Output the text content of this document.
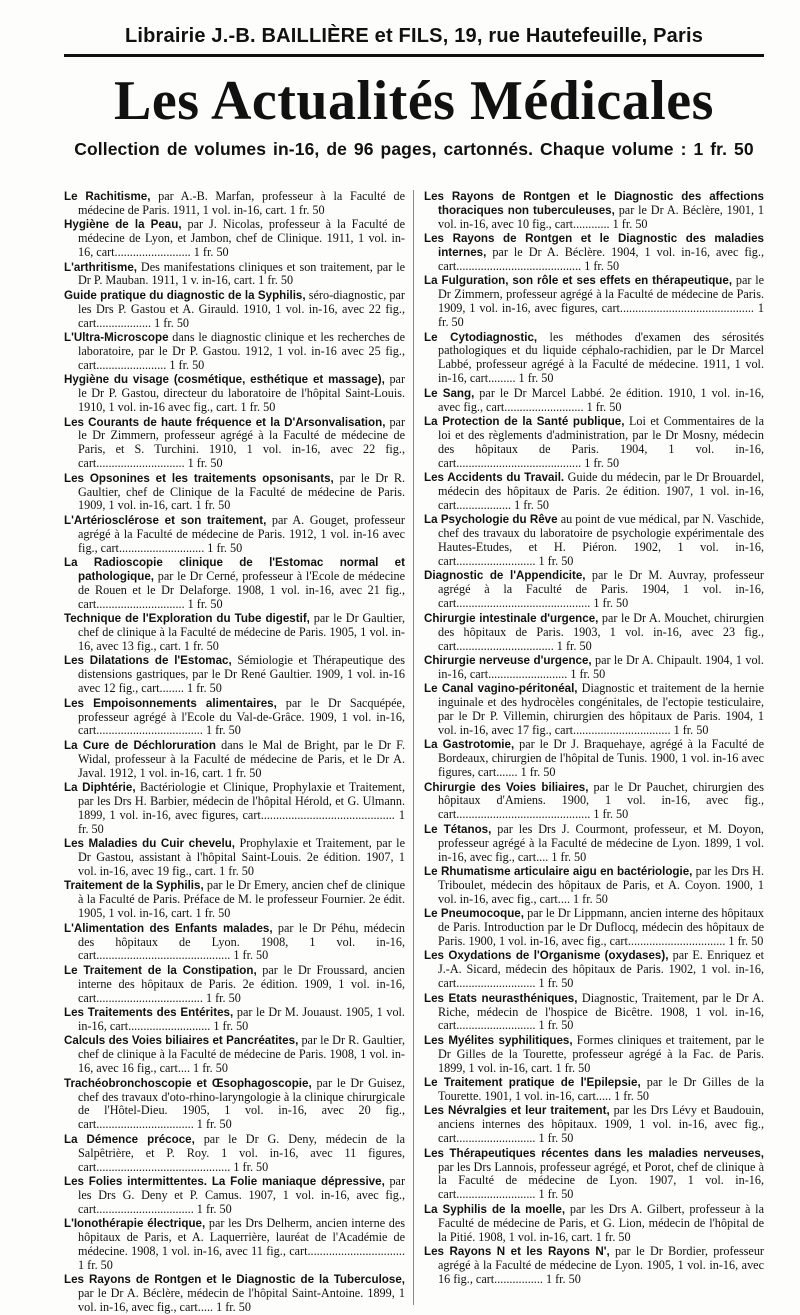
Librairie J.-B. BAILLIÈRE et FILS, 19, rue Hautefeuille, Paris
Les Actualités Médicales
Collection de volumes in-16, de 96 pages, cartonnés. Chaque volume : 1 fr. 50

Le Rachitisme, par A.-B. Marfan, professeur à la Faculté de médecine de Paris. 1911, 1 vol. in-16, cart. 1 fr. 50

Hygiène de la Peau, par J. Nicolas, professeur à la Faculté de médecine de Lyon, et Jambon, chef de Clinique. 1911, 1 vol. in-16, cart......................... 1 fr. 50

L'arthritisme, Des manifestations cliniques et son traitement, par le Dr P. Mauban. 1911, 1 v. in-16, cart. 1 fr. 50

Guide pratique du diagnostic de la Syphilis, séro-diagnostic, par les Drs P. Gastou et A. Girauld. 1910, 1 vol. in-16, avec 22 fig., cart.................. 1 fr. 50

L'Ultra-Microscope dans le diagnostic clinique et les recherches de laboratoire, par le Dr P. Gastou. 1912, 1 vol. in-16 avec 25 fig., cart....................... 1 fr. 50

Hygiène du visage (cosmétique, esthétique et massage), par le Dr P. Gastou, directeur du laboratoire de l'hôpital Saint-Louis. 1910, 1 vol. in-16 avec fig., cart. 1 fr. 50

Les Courants de haute fréquence et la D'Arsonvalisation, par le Dr Zimmern, professeur agrégé à la Faculté de médecine de Paris, et S. Turchini. 1910, 1 vol. in-16, avec 22 fig., cart............................. 1 fr. 50

Les Opsonines et les traitements opsonisants, par le Dr R. Gaultier, chef de Clinique de la Faculté de médecine de Paris. 1909, 1 vol. in-16, cart. 1 fr. 50

L'Artériosclérose et son traitement, par A. Gouget, professeur agrégé à la Faculté de médecine de Paris. 1912, 1 vol. in-16 avec fig., cart............................ 1 fr. 50

La Radioscopie clinique de l'Estomac normal et pathologique, par le Dr Cerné, professeur à l'Ecole de médecine de Rouen et le Dr Delaforge. 1908, 1 vol. in-16, avec 21 fig., cart............................. 1 fr. 50

Technique de l'Exploration du Tube digestif, par le Dr Gaultier, chef de clinique à la Faculté de médecine de Paris. 1905, 1 vol. in-16, avec 13 fig., cart. 1 fr. 50

Les Dilatations de l'Estomac, Sémiologie et Thérapeutique des distensions gastriques, par le Dr René Gaultier. 1909, 1 vol. in-16 avec 12 fig., cart........ 1 fr. 50

Les Empoisonnements alimentaires, par le Dr Sacquépée, professeur agrégé à l'Ecole du Val-de-Grâce. 1909, 1 vol. in-16, cart................................... 1 fr. 50

La Cure de Déchloruration dans le Mal de Bright, par le Dr F. Widal, professeur à la Faculté de médecine de Paris, et le Dr A. Javal. 1912, 1 vol. in-16, cart. 1 fr. 50

La Diphtérie, Bactériologie et Clinique, Prophylaxie et Traitement, par les Drs H. Barbier, médecin de l'hôpital Hérold, et G. Ulmann. 1899, 1 vol. in-16, avec figures, cart............................................ 1 fr. 50

Les Maladies du Cuir chevelu, Prophylaxie et Traitement, par le Dr Gastou, assistant à l'hôpital Saint-Louis. 2e édition. 1907, 1 vol. in-16, avec 19 fig., cart. 1 fr. 50

Traitement de la Syphilis, par le Dr Emery, ancien chef de clinique à la Faculté de Paris. Préface de M. le professeur Fournier. 2e édit. 1905, 1 vol. in-16, cart. 1 fr. 50

L'Alimentation des Enfants malades, par le Dr Péhu, médecin des hôpitaux de Lyon. 1908, 1 vol. in-16, cart............................................ 1 fr. 50

Le Traitement de la Constipation, par le Dr Froussard, ancien interne des hôpitaux de Paris. 2e édition. 1909, 1 vol. in-16, cart................................... 1 fr. 50

Les Traitements des Entérites, par le Dr M. Jouaust. 1905, 1 vol. in-16, cart........................... 1 fr. 50

Calculs des Voies biliaires et Pancréatites, par le Dr R. Gaultier, chef de clinique à la Faculté de médecine de Paris. 1908, 1 vol. in-16, avec 16 fig., cart.... 1 fr. 50

Trachéobronchoscopie et Œsophagoscopie, par le Dr Guisez, chef des travaux d'oto-rhino-laryngologie à la clinique chirurgicale de l'Hôtel-Dieu. 1905, 1 vol. in-16, avec 20 fig., cart................................ 1 fr. 50

La Démence précoce, par le Dr G. Deny, médecin de la Salpêtrière, et P. Roy. 1 vol. in-16, avec 11 figures, cart............................................ 1 fr. 50

Les Folies intermittentes. La Folie maniaque dépressive, par les Drs G. Deny et P. Camus. 1907, 1 vol. in-16, avec fig., cart................................ 1 fr. 50

L'Ionothérapie électrique, par les Drs Delherm, ancien interne des hôpitaux de Paris, et A. Laquerrière, lauréat de l'Académie de médecine. 1908, 1 vol. in-16, avec 11 fig., cart................................ 1 fr. 50

Les Rayons de Rontgen et le Diagnostic de la Tuberculose, par le Dr A. Béclère, médecin de l'hôpital Saint-Antoine. 1899, 1 vol. in-16, avec fig., cart..... 1 fr. 50

Les Rayons de Rontgen et le Diagnostic des affections thoraciques non tuberculeuses, par le Dr A. Béclère, 1901, 1 vol. in-16, avec 10 fig., cart............ 1 fr. 50

Les Rayons de Rontgen et le Diagnostic des maladies internes, par le Dr A. Béclère. 1904, 1 vol. in-16, avec fig., cart......................................... 1 fr. 50

La Fulguration, son rôle et ses effets en thérapeutique, par le Dr Zimmern, professeur agrégé à la Faculté de médecine de Paris. 1909, 1 vol. in-16, avec figures, cart............................................ 1 fr. 50

Le Cytodiagnostic, les méthodes d'examen des sérosités pathologiques et du liquide céphalo-rachidien, par le Dr Marcel Labbé, professeur agrégé à la Faculté de médecine. 1911, 1 vol. in-16, cart......... 1 fr. 50

Le Sang, par le Dr Marcel Labbé. 2e édition. 1910, 1 vol. in-16, avec fig., cart.......................... 1 fr. 50

La Protection de la Santé publique, Loi et Commentaires de la loi et des règlements d'administration, par le Dr Mosny, médecin des hôpitaux de Paris. 1904, 1 vol. in-16, cart......................................... 1 fr. 50

Les Accidents du Travail. Guide du médecin, par le Dr Brouardel, médecin des hôpitaux de Paris. 2e édition. 1907, 1 vol. in-16, cart.................. 1 fr. 50

La Psychologie du Rêve au point de vue médical, par N. Vaschide, chef des travaux du laboratoire de psychologie expérimentale des Hautes-Etudes, et H. Piéron. 1902, 1 vol. in-16, cart.......................... 1 fr. 50

Diagnostic de l'Appendicite, par le Dr M. Auvray, professeur agrégé à la Faculté de Paris. 1904, 1 vol. in-16, cart............................................ 1 fr. 50

Chirurgie intestinale d'urgence, par le Dr A. Mouchet, chirurgien des hôpitaux de Paris. 1903, 1 vol. in-16, avec 23 fig., cart................................ 1 fr. 50

Chirurgie nerveuse d'urgence, par le Dr A. Chipault. 1904, 1 vol. in-16, cart.......................... 1 fr. 50

Le Canal vagino-péritonéal, Diagnostic et traitement de la hernie inguinale et des hydrocèles congénitales, de l'ectopie testiculaire, par le Dr P. Villemin, chirurgien des hôpitaux de Paris. 1904, 1 vol. in-16, avec 17 fig., cart................................ 1 fr. 50

La Gastrotomie, par le Dr J. Braquehaye, agrégé à la Faculté de Bordeaux, chirurgien de l'hôpital de Tunis. 1900, 1 vol. in-16 avec figures, cart....... 1 fr. 50

Chirurgie des Voies biliaires, par le Dr Pauchet, chirurgien des hôpitaux d'Amiens. 1900, 1 vol. in-16, avec fig., cart............................................ 1 fr. 50

Le Tétanos, par les Drs J. Courmont, professeur, et M. Doyon, professeur agrégé à la Faculté de médecine de Lyon. 1899, 1 vol. in-16, avec fig., cart.... 1 fr. 50

Le Rhumatisme articulaire aigu en bactériologie, par les Drs H. Triboulet, médecin des hôpitaux de Paris, et A. Coyon. 1900, 1 vol. in-16, avec fig., cart.... 1 fr. 50

Le Pneumocoque, par le Dr Lippmann, ancien interne des hôpitaux de Paris. Introduction par le Dr Duflocq, médecin des hôpitaux de Paris. 1900, 1 vol. in-16, avec fig., cart................................ 1 fr. 50

Les Oxydations de l'Organisme (oxydases), par E. Enriquez et J.-A. Sicard, médecin des hôpitaux de Paris. 1902, 1 vol. in-16, cart.......................... 1 fr. 50

Les Etats neurasthéniques, Diagnostic, Traitement, par le Dr A. Riche, médecin de l'hospice de Bicêtre. 1908, 1 vol. in-16, cart.......................... 1 fr. 50

Les Myélites syphilitiques, Formes cliniques et traitement, par le Dr Gilles de la Tourette, professeur agrégé à la Fac. de Paris. 1899, 1 vol. in-16, cart. 1 fr. 50

Le Traitement pratique de l'Epilepsie, par le Dr Gilles de la Tourette. 1901, 1 vol. in-16, cart..... 1 fr. 50

Les Névralgies et leur traitement, par les Drs Lévy et Baudouin, anciens internes des hôpitaux. 1909, 1 vol. in-16, avec fig., cart.......................... 1 fr. 50

Les Thérapeutiques récentes dans les maladies nerveuses, par les Drs Lannois, professeur agrégé, et Porot, chef de clinique à la Faculté de médecine de Lyon. 1907, 1 vol. in-16, cart.......................... 1 fr. 50

La Syphilis de la moelle, par les Drs A. Gilbert, professeur à la Faculté de médecine de Paris, et G. Lion, médecin de l'hôpital de la Pitié. 1908, 1 vol. in-16, cart. 1 fr. 50

Les Rayons N et les Rayons N', par le Dr Bordier, professeur agrégé à la Faculté de médecine de Lyon. 1905, 1 vol. in-16, avec 16 fig., cart................ 1 fr. 50
